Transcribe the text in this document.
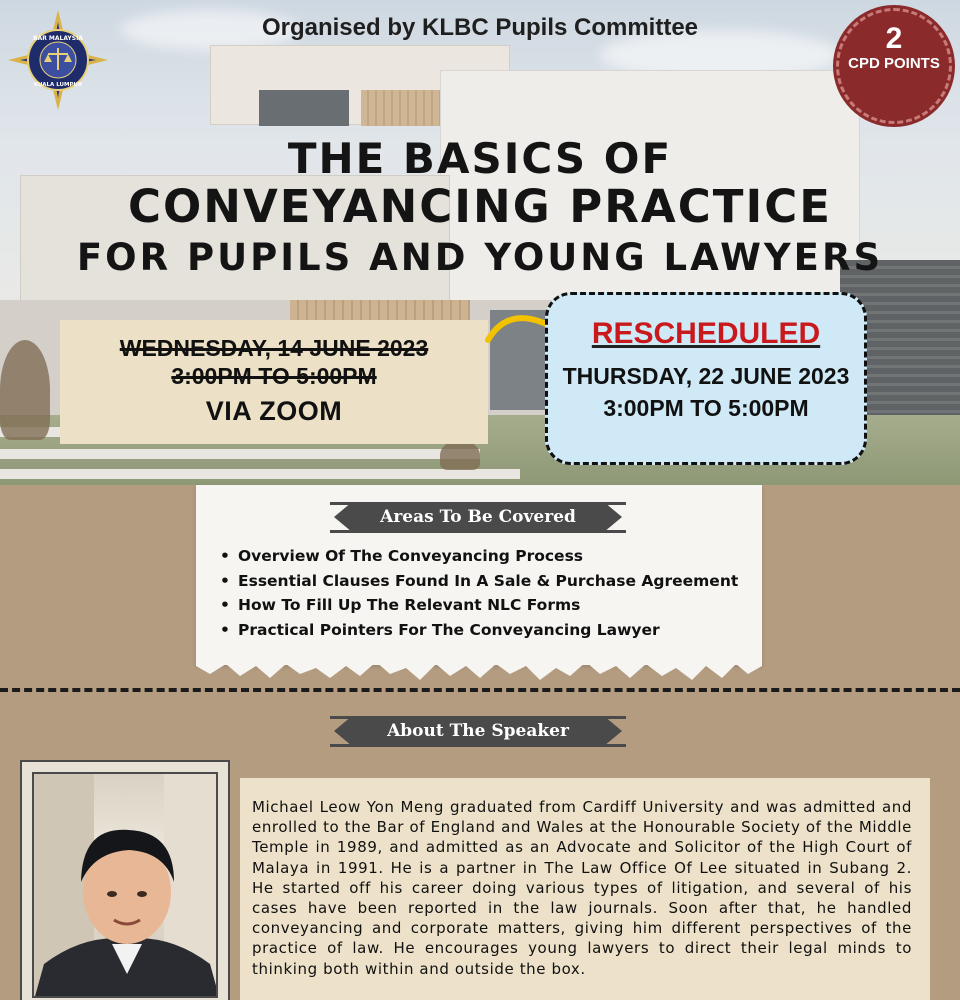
Organised by KLBC Pupils Committee
BAR MALAYSIA
KUALA LUMPUR
2
CPD POINTS
THE BASICS OF
CONVEYANCING PRACTICE
FOR PUPILS AND YOUNG LAWYERS
WEDNESDAY, 14 JUNE 2023
3:00PM TO 5:00PM
VIA ZOOM
RESCHEDULED
THURSDAY, 22 JUNE 2023
3:00PM TO 5:00PM
Areas To Be Covered
• Overview Of The Conveyancing Process
• Essential Clauses Found In A Sale & Purchase Agreement
• How To Fill Up The Relevant NLC Forms
• Practical Pointers For The Conveyancing Lawyer
About The Speaker
Michael Leow Yon Meng graduated from Cardiff University and was admitted and enrolled to the Bar of England and Wales at the Honourable Society of the Middle Temple in 1989, and admitted as an Advocate and Solicitor of the High Court of Malaya in 1991. He is a partner in The Law Office Of Lee situated in Subang 2. He started off his career doing various types of litigation, and several of his cases have been reported in the law journals. Soon after that, he handled conveyancing and corporate matters, giving him different perspectives of the practice of law. He encourages young lawyers to direct their legal minds to thinking both within and outside the box.
